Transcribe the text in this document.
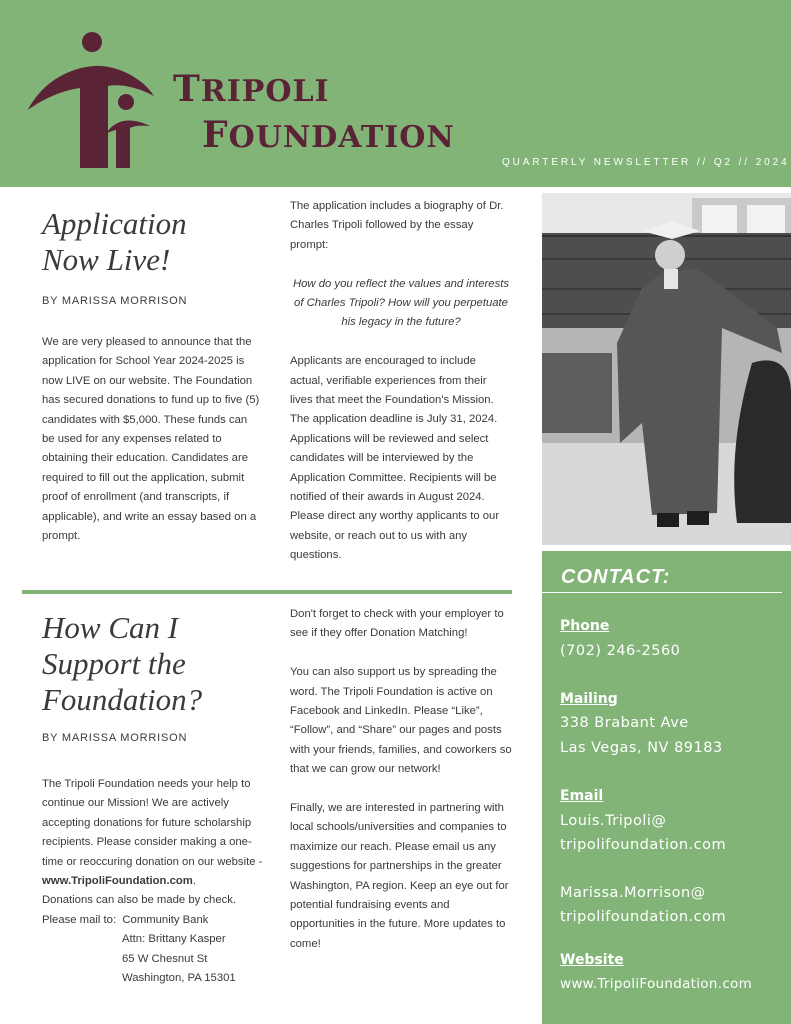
TRIPOLI
FOUNDATION
QUARTERLY NEWSLETTER // Q2 // 2024
Application
Now Live!
BY MARISSA MORRISON

We are very pleased to announce that the application for School Year 2024-2025 is now LIVE on our website. The Foundation has secured donations to fund up to five (5) candidates with $5,000. These funds can be used for any expenses related to obtaining their education. Candidates are required to fill out the application, submit proof of enrollment (and transcripts, if applicable), and write an essay based on a prompt.

The application includes a biography of Dr. Charles Tripoli followed by the essay prompt:

How do you reflect the values and interests of Charles Tripoli? How will you perpetuate his legacy in the future?

Applicants are encouraged to include actual, verifiable experiences from their lives that meet the Foundation's Mission. The application deadline is July 31, 2024. Applications will be reviewed and select candidates will be interviewed by the Application Committee. Recipients will be notified of their awards in August 2024. Please direct any worthy applicants to our website, or reach out to us with any questions.

How Can I
Support the
Foundation?
BY MARISSA MORRISON
The Tripoli Foundation needs your help to continue our Mission! We are actively accepting donations for future scholarship recipients. Please consider making a one-time or reoccuring donation on our website - www.TripoliFoundation.com.
Donations can also be made by check.
Please mail to: Community Bank
Attn: Brittany Kasper
65 W Chesnut St
Washington, PA 15301

Don't forget to check with your employer to see if they offer Donation Matching!

You can also support us by spreading the word. The Tripoli Foundation is active on Facebook and LinkedIn. Please “Like”, “Follow”, and “Share” our pages and posts with your friends, families, and coworkers so that we can grow our network!

Finally, we are interested in partnering with local schools/universities and companies to maximize our reach. Please email us any suggestions for partnerships in the greater Washington, PA region. Keep an eye out for potential fundraising events and opportunities in the future. More updates to come!

CONTACT:
Phone
(702) 246-2560
Mailing
338 Brabant Ave
Las Vegas, NV 89183
Email
Louis.Tripoli@
tripolifoundation.com
Marissa.Morrison@
tripolifoundation.com
Website
www.TripoliFoundation.com
